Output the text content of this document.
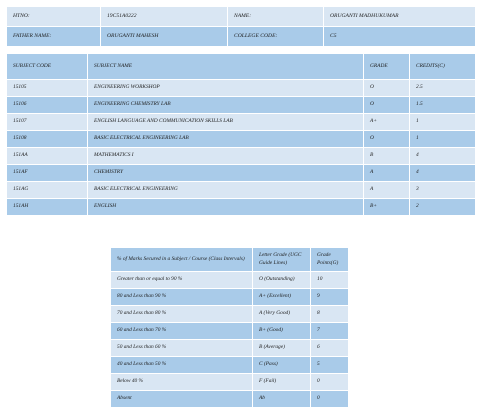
HTNO:	19C51A0222	NAME:	ORUGANTI MADHUKUMAR
FATHER NAME:	ORUGANTI MAHESH	COLLEGE CODE:	C5
SUBJECT CODE	SUBJECT NAME	GRADE	CREDITS(C)
15105	ENGINEERING WORKSHOP	O	2.5
15106	ENGINEERING CHEMISTRY LAB	O	1.5
15107	ENGLISH LANGUAGE AND COMMUNICATION SKILLS LAB	A+	1
15108	BASIC ELECTRICAL ENGINEERING LAB	O	1
151AA	MATHEMATICS I	B	4
151AF	CHEMISTRY	A	4
151AG	BASIC ELECTRICAL ENGINEERING	A	3
151AH	ENGLISH	B+	2
% of Marks Secured in a Subject / Course (Class Intervals)	Letter Grade (UGC Guide Lines)	Grade Points(G)
Greater than or equal to 90 %	O (Outstanding)	10
80 and Less than 90 %	A+ (Excellent)	9
70 and Less than 80 %	A (Very Good)	8
60 and Less than 70 %	B+ (Good)	7
50 and Less than 60 %	B (Average)	6
40 and Less than 50 %	C (Pass)	5
Below 40 %	F (Fail)	0
Absent	Ab	0
